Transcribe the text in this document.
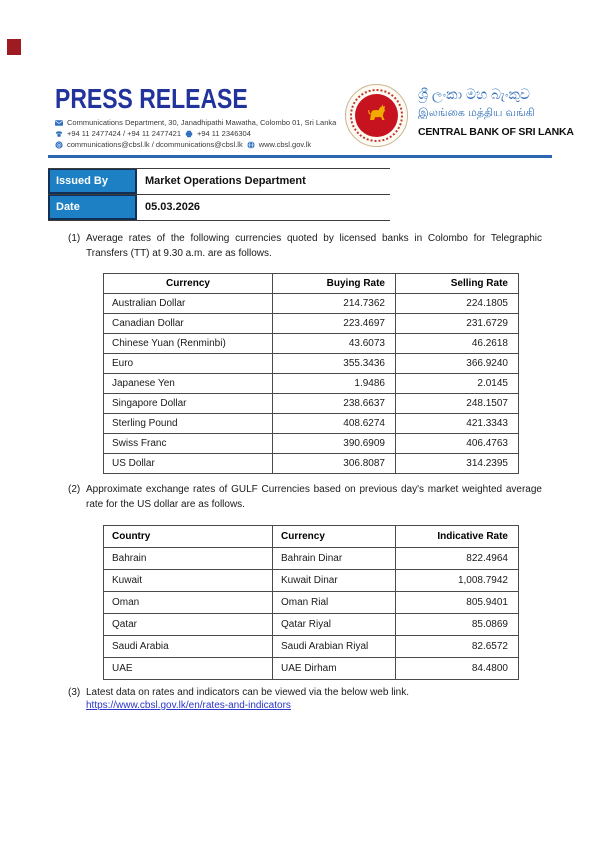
PRESS RELEASE
Communications Department, 30, Janadhipathi Mawatha, Colombo 01, Sri Lanka
+94 11 2477424 / +94 11 2477421 +94 11 2346304
@ communications@cbsl.lk / dcommunications@cbsl.lk www.cbsl.gov.lk
ශ්‍රී ලංකා මහ බැංකුව
இலங்கை மத்திய வங்கி
CENTRAL BANK OF SRI LANKA
Issued By	Market Operations Department
Date	05.03.2026
(1) Average rates of the following currencies quoted by licensed banks in Colombo for Telegraphic Transfers (TT) at 9.30 a.m. are as follows.
Currency	Buying Rate	Selling Rate
Australian Dollar	214.7362	224.1805
Canadian Dollar	223.4697	231.6729
Chinese Yuan (Renminbi)	43.6073	46.2618
Euro	355.3436	366.9240
Japanese Yen	1.9486	2.0145
Singapore Dollar	238.6637	248.1507
Sterling Pound	408.6274	421.3343
Swiss Franc	390.6909	406.4763
US Dollar	306.8087	314.2395
(2) Approximate exchange rates of GULF Currencies based on previous day's market weighted average rate for the US dollar are as follows.
Country	Currency	Indicative Rate
Bahrain	Bahrain Dinar	822.4964
Kuwait	Kuwait Dinar	1,008.7942
Oman	Oman Rial	805.9401
Qatar	Qatar Riyal	85.0869
Saudi Arabia	Saudi Arabian Riyal	82.6572
UAE	UAE Dirham	84.4800
(3) Latest data on rates and indicators can be viewed via the below web link.
https://www.cbsl.gov.lk/en/rates-and-indicators
